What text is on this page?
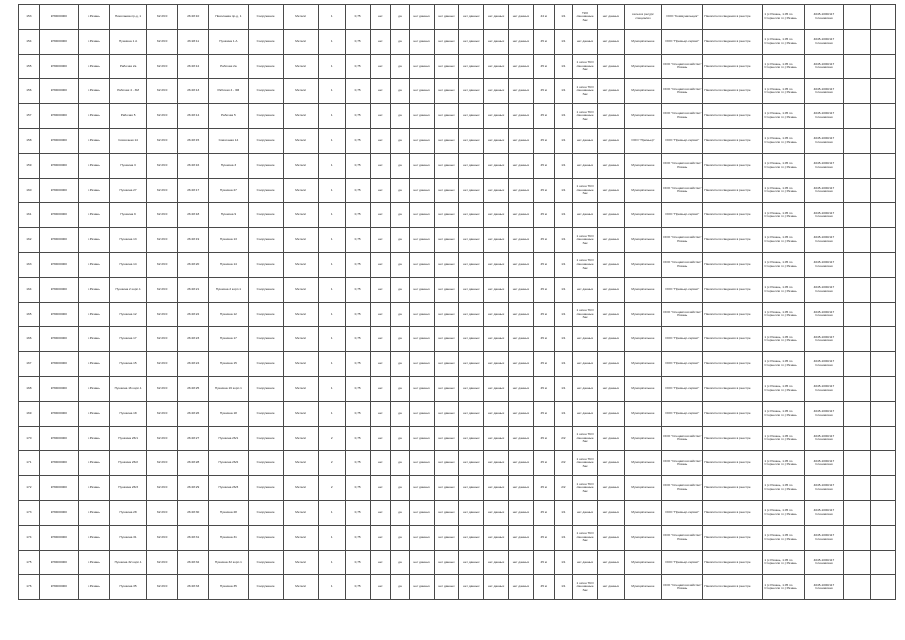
153	КП0000000	г.Рязань	Николаева пр-д, 1	62:29:0	26:28:10	Николаева пр-д, 1	Сооружение	Металл	1	0,75	нет	да	нет данных	нет данных	нет данных	нет данных	нет данных	44 м	1/1	ТКО смешанные бак	нет данных	сельхоз ресурс специализ	ООО "Коммунальщик"	Накопители сведения в реестре	1 (с Рязань, 1.05 по Сторнелли гл.) Рязань	4045-1000/117 Слоновская		
154	КП0000000	г.Рязань	Пушкина 1 А	62:29:0	26:28:11	Пушкина 1 А	Сооружение	Металл	1	0,75	нет	да	нет данных	нет данных	нет данных	нет данных	нет данных	45 м	1/1	нет данных	нет данных	Муниципальное	ООО "Премьер-сервис"	Накопители сведения в реестре	1 (с Рязань, 1.05 по Сторнелли гл.) Рязань	4045-1000/117 Слоновская		
155	КП0000000	г.Рязань	Рабочая 2а	62:29:0	26:28:12	Рабочая 2а	Сооружение	Металл	1	0,75	нет	да	нет данных	нет данных	нет данных	нет данных	нет данных	45 м	1/1	1 шпон ТКО смешанные бак	нет данных	Муниципальное	ООО "Спецавтохозяйство" Рязань	Накопители сведения в реестре	1 (с Рязань, 1.05 по Сторнелли гл.) Рязань	4045-1000/117 Слоновская		
156	КП0000000	г.Рязань	Рабочая 4 - 3М	62:29:0	26:28:13	Рабочая 4 - 3М	Сооружение	Металл	1	0,75	нет	да	нет данных	нет данных	нет данных	нет данных	нет данных	45 м	1/1	1 шпон ТКО смешанные бак	нет данных	Муниципальное	ООО "Спецавтохозяйство" Рязань	Накопители сведения в реестре	1 (с Рязань, 1.05 по Сторнелли гл.) Рязань	4045-1000/117 Слоновская		
157	КП0000000	г.Рязань	Рабочая 5	62:29:0	26:28:14	Рабочая 5	Сооружение	Металл	1	0,75	нет	да	нет данных	нет данных	нет данных	нет данных	нет данных	45 м	1/1	1 шпон ТКО смешанные бак	нет данных	Муниципальное	ООО "Спецавтохозяйство" Рязань	Накопители сведения в реестре	1 (с Рязань, 1.05 по Сторнелли гл.) Рязань	4045-1000/117 Слоновская		
158	КП0000000	г.Рязань	Совхозная 14	62:29:0	26:28:15	Совхозная 14	Сооружение	Металл	1	0,75	нет	да	нет данных	нет данных	нет данных	нет данных	нет данных	45 м	1/1	нет данных	нет данных	ООО "Премьер"	ООО "Премьер-сервис"	Накопители сведения в реестре	1 (с Рязань, 1.05 по Сторнелли гл.) Рязань	4045-1000/117 Слоновская		
159	КП0000000	г.Рязань	Пушкина 3	62:29:0	26:28:16	Пушкина 3	Сооружение	Металл	1	0,75	нет	да	нет данных	нет данных	нет данных	нет данных	нет данных	45 м	1/1	нет данных	нет данных	Муниципальное	ООО "Спецавтохозяйство" Рязань	Накопители сведения в реестре	1 (с Рязань, 1.05 по Сторнелли гл.) Рязань	4045-1000/117 Слоновская		
160	КП0000000	г.Рязань	Пушкина 27	62:29:0	26:28:17	Пушкина 27	Сооружение	Металл	1	0,75	нет	да	нет данных	нет данных	нет данных	нет данных	нет данных	45 м	1/1	1 шпон ТКО смешанные бак	нет данных	Муниципальное	ООО "Спецавтохозяйство" Рязань	Накопители сведения в реестре	1 (с Рязань, 1.05 по Сторнелли гл.) Рязань	4045-1000/117 Слоновская		
161	КП0000000	г.Рязань	Пушкина 9	62:29:0	26:28:18	Пушкина 9	Сооружение	Металл	1	0,75	нет	да	нет данных	нет данных	нет данных	нет данных	нет данных	45 м	1/1	нет данных	нет данных	Муниципальное	ООО "Премьер-сервис"	Накопители сведения в реестре	1 (с Рязань, 1.05 по Сторнелли гл.) Рязань	4045-1000/117 Слоновская		
162	КП0000000	г.Рязань	Пушкина 13	62:29:0	26:28:19	Пушкина 13	Сооружение	Металл	1	0,75	нет	да	нет данных	нет данных	нет данных	нет данных	нет данных	45 м	1/1	1 шпон ТКО смешанные бак	нет данных	Муниципальное	ООО "Спецавтохозяйство" Рязань	Накопители сведения в реестре	1 (с Рязань, 1.05 по Сторнелли гл.) Рязань	4045-1000/117 Слоновская		
163	КП0000000	г.Рязань	Пушкина 14	62:29:0	26:28:20	Пушкина 14	Сооружение	Металл	1	0,75	нет	да	нет данных	нет данных	нет данных	нет данных	нет данных	45 м	1/1	1 шпон ТКО смешанные бак	нет данных	Муниципальное	ООО "Спецавтохозяйство" Рязань	Накопители сведения в реестре	1 (с Рязань, 1.05 по Сторнелли гл.) Рязань	4045-1000/117 Слоновская		
164	КП0000000	г.Рязань	Пушкина 2 корп.1	62:29:0	26:28:21	Пушкина 2 корп.1	Сооружение	Металл	1	0,75	нет	да	нет данных	нет данных	нет данных	нет данных	нет данных	45 м	1/1	нет данных	нет данных	Муниципальное	ООО "Премьер-сервис"	Накопители сведения в реестре	1 (с Рязань, 1.05 по Сторнелли гл.) Рязань	4045-1000/117 Слоновская		
165	КП0000000	г.Рязань	Пушкина 12	62:29:0	26:28:22	Пушкина 12	Сооружение	Металл	1	0,75	нет	да	нет данных	нет данных	нет данных	нет данных	нет данных	45 м	1/1	1 шпон ТКО смешанные бак	нет данных	Муниципальное	ООО "Спецавтохозяйство" Рязань	Накопители сведения в реестре	1 (с Рязань, 1.05 по Сторнелли гл.) Рязань	4045-1000/117 Слоновская		
166	КП0000000	г.Рязань	Пушкина 17	62:29:0	26:28:23	Пушкина 17	Сооружение	Металл	1	0,75	нет	да	нет данных	нет данных	нет данных	нет данных	нет данных	45 м	1/1	нет данных	нет данных	Муниципальное	ООО "Премьер-сервис"	Накопители сведения в реестре	1 (с Рязань, 1.05 по Сторнелли гл.) Рязань	4045-1000/117 Слоновская		
167	КП0000000	г.Рязань	Пушкина 15	62:29:0	26:28:24	Пушкина 15	Сооружение	Металл	1	0,75	нет	да	нет данных	нет данных	нет данных	нет данных	нет данных	45 м	1/1	нет данных	нет данных	Муниципальное	ООО "Премьер-сервис"	Накопители сведения в реестре	1 (с Рязань, 1.05 по Сторнелли гл.) Рязань	4045-1000/117 Слоновская		
168	КП0000000	г.Рязань	Пушкина 16 корп.1	62:29:0	26:28:25	Пушкина 16 корп.1	Сооружение	Металл	1	0,75	нет	да	нет данных	нет данных	нет данных	нет данных	нет данных	45 м	1/1	нет данных	нет данных	Муниципальное	ООО "Премьер-сервис"	Накопители сведения в реестре	1 (с Рязань, 1.05 по Сторнелли гл.) Рязань	4045-1000/117 Слоновская		
169	КП0000000	г.Рязань	Пушкина 18	62:29:0	26:28:26	Пушкина 18	Сооружение	Металл	1	0,75	нет	да	нет данных	нет данных	нет данных	нет данных	нет данных	45 м	1/1	нет данных	нет данных	Муниципальное	ООО "Премьер-сервис"	Накопители сведения в реестре	1 (с Рязань, 1.05 по Сторнелли гл.) Рязань	4045-1000/117 Слоновская		
170	КП0000000	г.Рязань	Пушкина 26/1	62:29:0	26:28:27	Пушкина 26/1	Сооружение	Металл	2	0,75	нет	да	нет данных	нет данных	нет данных	нет данных	нет данных	45 м	2/2	1 шпон ТКО смешанные бак	нет данных	Муниципальное	ООО "Спецавтохозяйство" Рязань	Накопители сведения в реестре	1 (с Рязань, 1.05 по Сторнелли гл.) Рязань	4045-1000/117 Слоновская		
171	КП0000000	г.Рязань	Пушкина 26/2	62:29:0	26:28:28	Пушкина 26/2	Сооружение	Металл	2	0,75	нет	да	нет данных	нет данных	нет данных	нет данных	нет данных	45 м	2/2	1 шпон ТКО смешанные бак	нет данных	Муниципальное	ООО "Спецавтохозяйство" Рязань	Накопители сведения в реестре	1 (с Рязань, 1.05 по Сторнелли гл.) Рязань	4045-1000/117 Слоновская		
172	КП0000000	г.Рязань	Пушкина 26/3	62:29:0	26:28:29	Пушкина 26/3	Сооружение	Металл	2	0,75	нет	да	нет данных	нет данных	нет данных	нет данных	нет данных	45 м	2/2	1 шпон ТКО смешанные бак	нет данных	Муниципальное	ООО "Спецавтохозяйство" Рязань	Накопители сведения в реестре	1 (с Рязань, 1.05 по Сторнелли гл.) Рязань	4045-1000/117 Слоновская		
173	КП0000000	г.Рязань	Пушкина 28	62:29:0	26:28:30	Пушкина 28	Сооружение	Металл	1	0,75	нет	да	нет данных	нет данных	нет данных	нет данных	нет данных	45 м	1/1	нет данных	нет данных	Муниципальное	ООО "Премьер-сервис"	Накопители сведения в реестре	1 (с Рязань, 1.05 по Сторнелли гл.) Рязань	4045-1000/117 Слоновская		
174	КП0000000	г.Рязань	Пушкина 31	62:29:0	26:28:31	Пушкина 31	Сооружение	Металл	1	0,75	нет	да	нет данных	нет данных	нет данных	нет данных	нет данных	45 м	1/1	1 шпон ТКО смешанные бак	нет данных	Муниципальное	ООО "Спецавтохозяйство" Рязань	Накопители сведения в реестре	1 (с Рязань, 1.05 по Сторнелли гл.) Рязань	4045-1000/117 Слоновская		
175	КП0000000	г.Рязань	Пушкина 32 корп.1	62:29:0	26:28:32	Пушкина 32 корп.1	Сооружение	Металл	1	0,75	нет	да	нет данных	нет данных	нет данных	нет данных	нет данных	45 м	1/1	нет данных	нет данных	Муниципальное	ООО "Премьер-сервис"	Накопители сведения в реестре	1 (с Рязань, 1.05 по Сторнелли гл.) Рязань	4045-1000/117 Слоновская		
176	КП0000000	г.Рязань	Пушкина 35	62:29:0	26:28:33	Пушкина 35	Сооружение	Металл	1	0,75	нет	да	нет данных	нет данных	нет данных	нет данных	нет данных	45 м	1/1	1 шпон ТКО смешанные бак	нет данных	Муниципальное	ООО "Спецавтохозяйство" Рязань	Накопители сведения в реестре	1 (с Рязань, 1.05 по Сторнелли гл.) Рязань	4045-1000/117 Слоновская		
